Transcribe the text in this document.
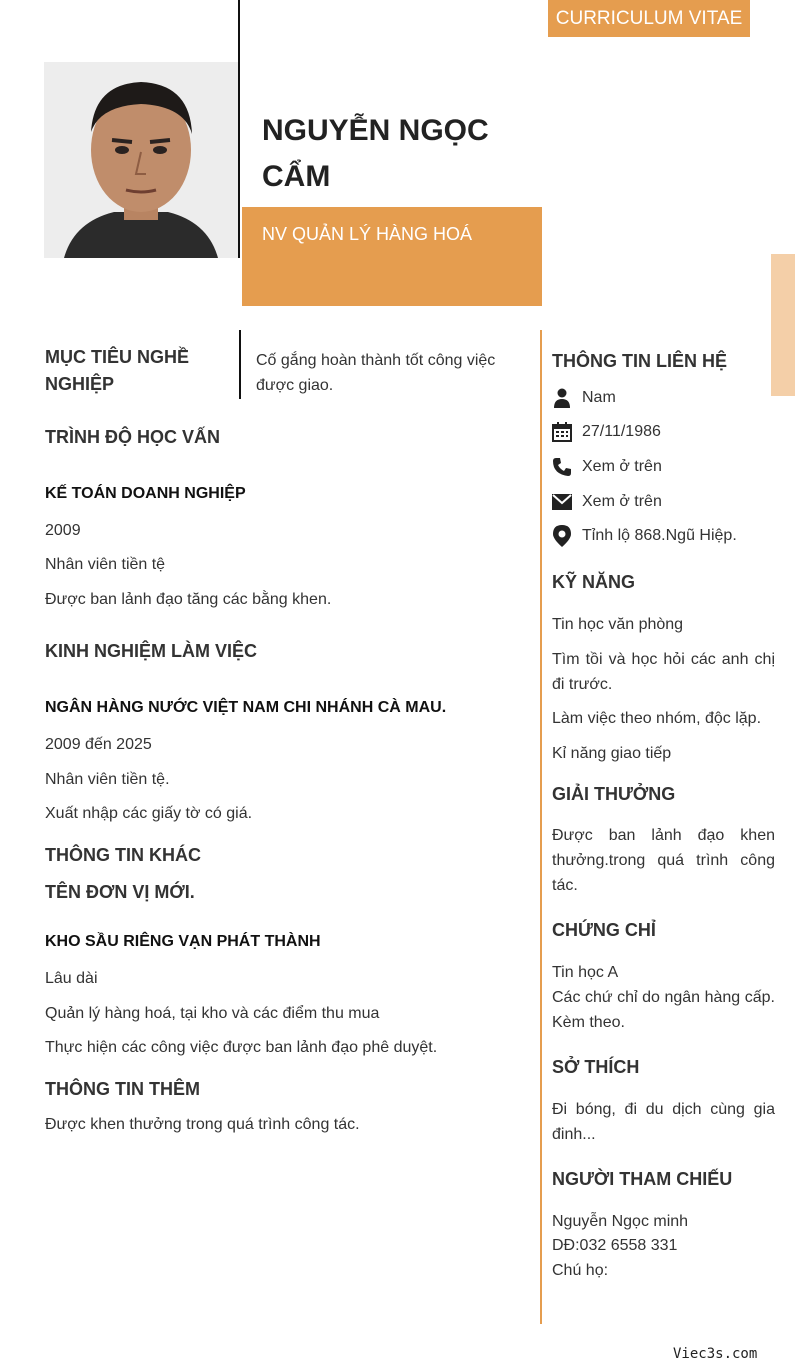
CURRICULUM VITAE
NGUYỄN NGỌC CẨM
NV QUẢN LÝ HÀNG HOÁ
MỤC TIÊU NGHỀ NGHIỆP
Cố gắng hoàn thành tốt công việc được giao.
TRÌNH ĐỘ HỌC VẤN
KẾ TOÁN DOANH NGHIỆP
2009
Nhân viên tiền tệ
Được ban lảnh đạo tăng các bằng khen.
KINH NGHIỆM LÀM VIỆC
NGÂN HÀNG NƯỚC VIỆT NAM CHI NHÁNH CÀ MAU.
2009 đến 2025
Nhân viên tiền tệ.
Xuất nhập các giấy tờ có giá.
THÔNG TIN KHÁC
TÊN ĐƠN VỊ MỚI.
KHO SẦU RIÊNG VẠN PHÁT THÀNH
Lâu dài
Quản lý hàng hoá, tại kho và các điểm thu mua
Thực hiện các công việc được ban lảnh đạo phê duyệt.
THÔNG TIN THÊM
Được khen thưởng trong quá trình công tác.
THÔNG TIN LIÊN HỆ
Nam
27/11/1986
Xem ở trên
Xem ở trên
Tỉnh lộ 868.Ngũ Hiệp.
KỸ NĂNG
Tin học văn phòng
Tìm tồi và học hỏi các anh chị đi trước.
Làm việc theo nhóm, độc lặp.
Kỉ năng giao tiếp
GIẢI THƯỞNG
Được ban lảnh đạo khen thưởng.trong quá trình công tác.
CHỨNG CHỈ
Tin học A
Các chứ chỉ do ngân hàng cấp. Kèm theo.
SỞ THÍCH
Đi bóng, đi du dịch cùng gia đinh...
NGƯỜI THAM CHIẾU
Nguyễn Ngọc minh
DĐ:032 6558 331
Chú họ:
Viec3s.com
